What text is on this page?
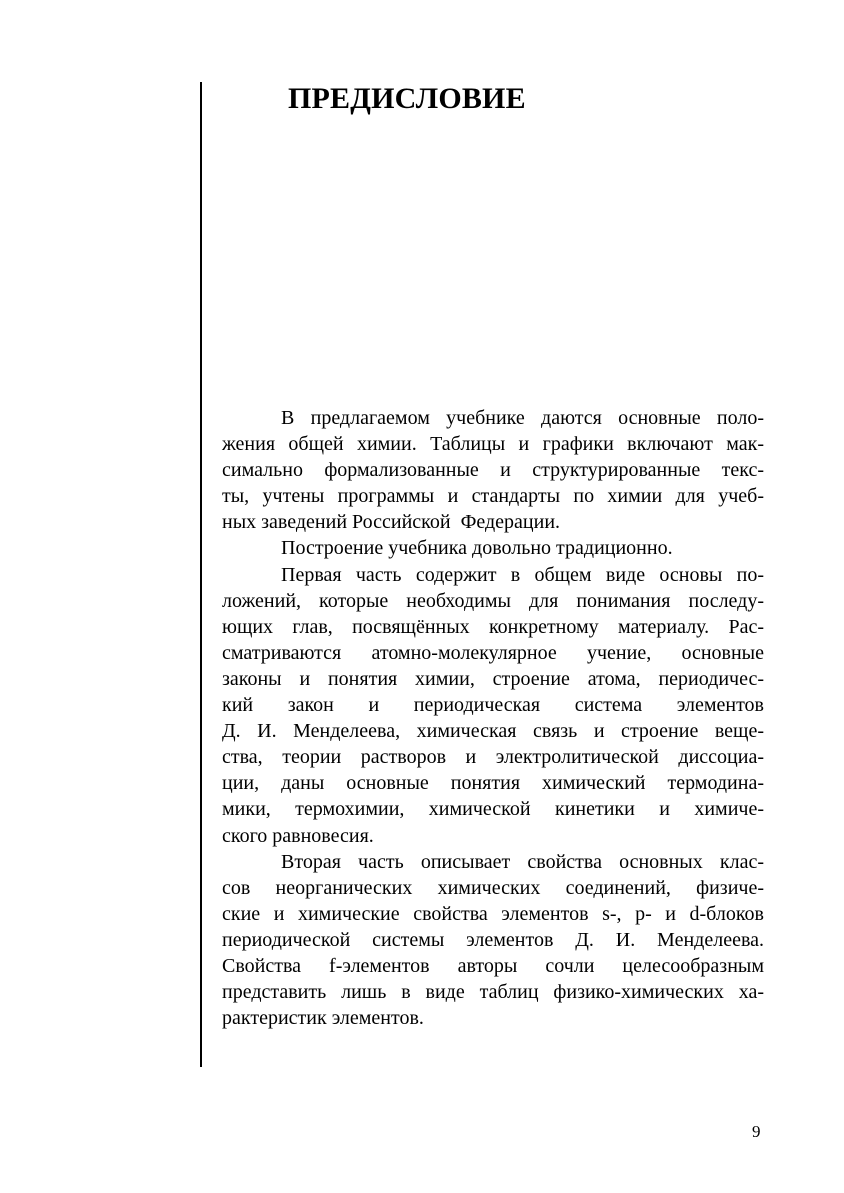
ПРЕДИСЛОВИЕ
В предлагаемом учебнике даются основные поло-
жения общей химии. Таблицы и графики включают мак-
симально формализованные и структурированные текс-
ты, учтены программы и стандарты по химии для учеб-
ных заведений Российской  Федерации.
Построение учебника довольно традиционно.
Первая часть содержит в общем виде основы по-
ложений, которые необходимы для понимания последу-
ющих глав, посвящённых конкретному материалу. Рас-
сматриваются атомно-молекулярное учение, основные
законы и понятия химии, строение атома, периодичес-
кий закон и периодическая система элементов
Д. И. Менделеева, химическая связь и строение веще-
ства, теории растворов и электролитической диссоциа-
ции, даны основные понятия химический термодина-
мики, термохимии, химической кинетики и химиче-
ского равновесия.
Вторая часть описывает свойства основных клас-
сов неорганических химических соединений, физиче-
ские и химические свойства элементов s-, p- и d-блоков
периодической системы элементов Д. И. Менделеева.
Свойства f-элементов авторы сочли целесообразным
представить лишь в виде таблиц физико-химических ха-
рактеристик элементов.
9
